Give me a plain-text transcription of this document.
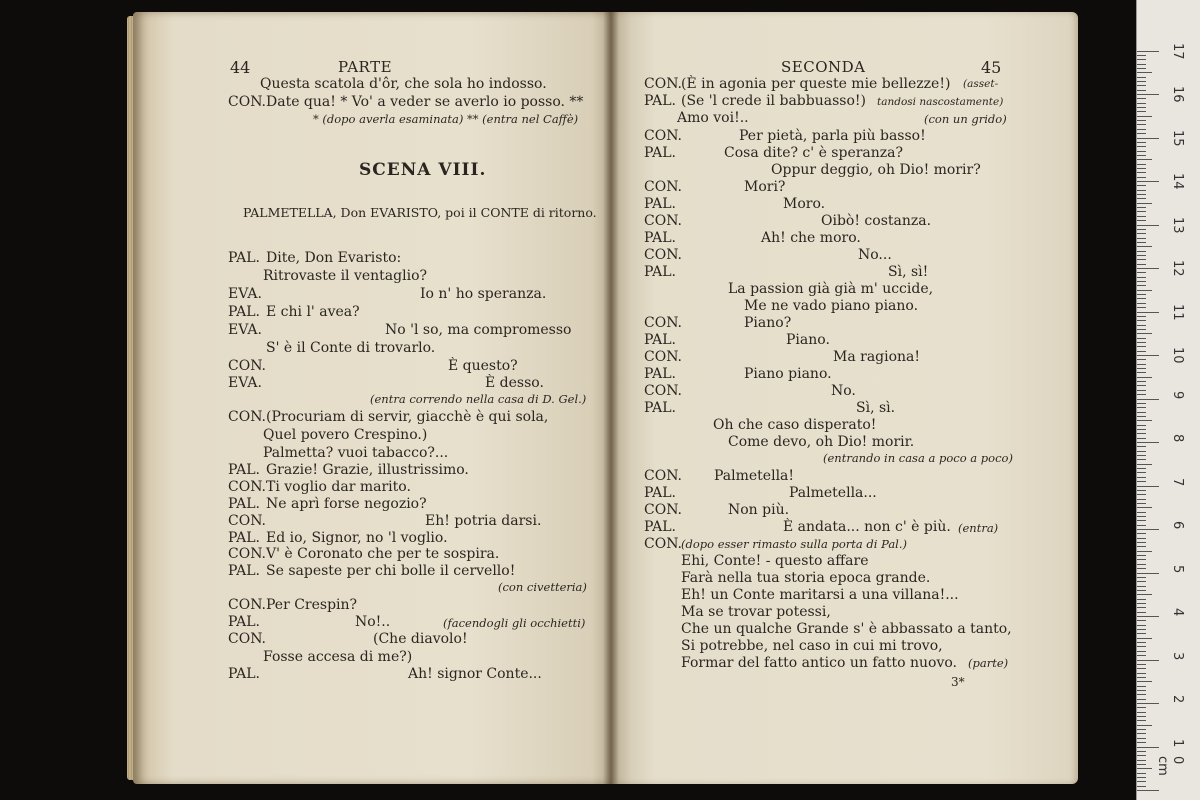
44	PARTE
Questa scatola d'ôr, che sola ho indosso.
CON. Date qua! * Vo' a veder se averlo io posso. **
* (dopo averla esaminata) ** (entra nel Caffè)
SCENA VIII.
PALMETELLA, Don EVARISTO, poi il CONTE di ritorno.
PAL. Dite, Don Evaristo:
Ritrovaste il ventaglio?
EVA.	Io n' ho speranza.
PAL. E chi l' avea?
EVA.	No 'l so, ma compromesso
S' è il Conte di trovarlo.
CON.	È questo?
EVA.	È desso.
(entra correndo nella casa di D. Gel.)
CON. (Procuriam di servir, giacchè è qui sola,
Quel povero Crespino.)
Palmetta? vuoi tabacco?...
PAL. Grazie! Grazie, illustrissimo.
CON. Ti voglio dar marito.
PAL. Ne aprì forse negozio?
CON.	Eh! potria darsi.
PAL. Ed io, Signor, no 'l voglio.
CON. V' è Coronato che per te sospira.
PAL. Se sapeste per chi bolle il cervello!
(con civetteria)
CON. Per Crespin?
PAL.	No!..	(facendogli gli occhietti)
CON.	(Che diavolo!
Fosse accesa di me?)
PAL.	Ah! signor Conte...
SECONDA	45
CON. (È in agonia per queste mie bellezze!) (asset-
PAL. (Se 'l crede il babbuasso!) tandosi nascostamente)
Amo voi!..	(con un grido)
CON.	Per pietà, parla più basso!
PAL.	Cosa dite? c' è speranza?
Oppur deggio, oh Dio! morir?
CON.	Mori?
PAL.	Moro.
CON.	Oibò! costanza.
PAL.	Ah! che moro.
CON.	No...
PAL.	Sì, sì!
La passion già già m' uccide,
Me ne vado piano piano.
CON.	Piano?
PAL.	Piano.
CON.	Ma ragiona!
PAL.	Piano piano.
CON.	No.
PAL.	Sì, sì.
Oh che caso disperato!
Come devo, oh Dio! morir.
(entrando in casa a poco a poco)
CON. Palmetella!
PAL.	Palmetella...
CON.	Non più.
PAL.	È andata... non c' è più. (entra)
CON. (dopo esser rimasto sulla porta di Pal.)
Ehi, Conte! - questo affare
Farà nella tua storia epoca grande.
Eh! un Conte maritarsi a una villana!...
Ma se trovar potessi,
Che un qualche Grande s' è abbassato a tanto,
Si potrebbe, nel caso in cui mi trovo,
Formar del fatto antico un fatto nuovo. (parte)
3*
0 cm
1
2
3
4
5
6
7
8
9
10
11
12
13
14
15
16
17
